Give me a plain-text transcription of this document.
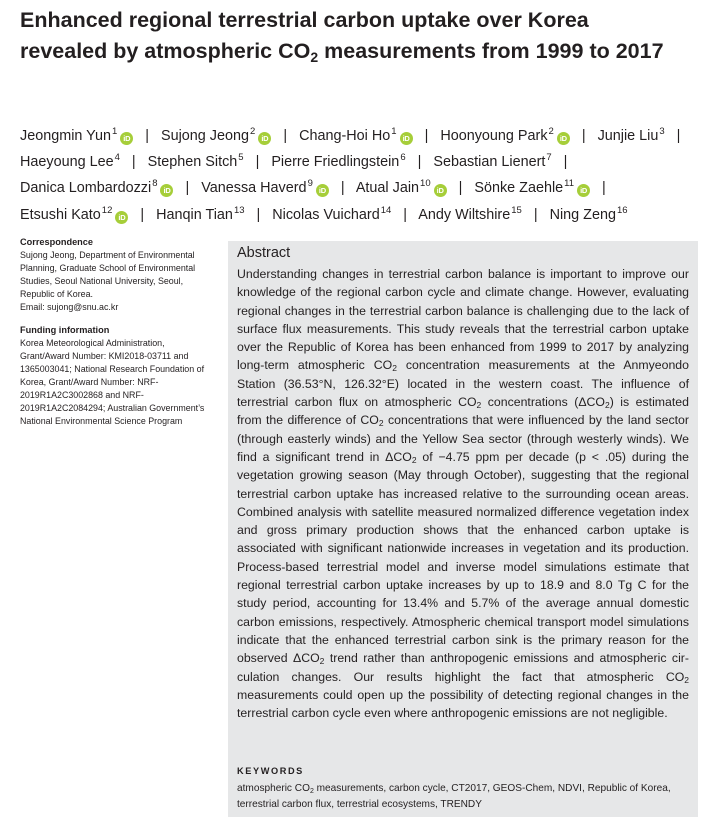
Enhanced regional terrestrial carbon uptake over Korea revealed by atmospheric $CO_2$ measurements from 1999 to 2017
Jeongmin Yun$^1$iD | Sujong Jeong$^2$iD | Chang-Hoi Ho$^1$iD | Hoonyoung Park$^2$iD | Junjie Liu$^3$ | Haeyoung Lee$^4$ | Stephen Sitch$^5$ | Pierre Friedlingstein$^6$ | Sebastian Lienert$^7$ | Danica Lombardozzi$^8$iD | Vanessa Haverd$^9$iD | Atual Jain$^{10}$iD | Sönke Zaehle$^{11}$iD | Etsushi Kato$^{12}$iD | Hanqin Tian$^{13}$ | Nicolas Vuichard$^{14}$ | Andy Wiltshire$^{15}$ | Ning Zeng$^{16}$

Correspondence

Sujong Jeong, Department of Environmental Planning, Graduate School of Environmental Studies, Seoul National University, Seoul, Republic of Korea.

Email: sujong@snu.ac.kr

Funding information

Korea Meteorological Administration, Grant/Award Number: KMI2018-03711 and 1365003041; National Research Foundation of Korea, Grant/Award Number: NRF-2019R1A2C3002868 and NRF-2019R1A2C2084294; Australian Government’s National Environmental Science Program

Abstract

Understanding changes in terrestrial carbon balance is important to improve our knowledge of the regional carbon cycle and climate change. However, evaluating regional changes in the terrestrial carbon balance is challenging due to the lack of surface flux measurements. This study reveals that the terrestrial carbon uptake over the Republic of Korea has been enhanced from 1999 to 2017 by analyzing long-term atmospheric $CO_2$ concentration measurements at the Anmyeondo Station (36.53°N, 126.32°E) located in the western coast. The influence of terrestrial carbon flux on atmospheric $CO_2$ concentrations $(\Delta CO_2)$ is estimated from the difference of $CO_2$ concentrations that were influenced by the land sector (through easterly winds) and the Yellow Sea sector (through westerly winds). We find a significant trend in $\Delta CO_2$ of −4.75 ppm per decade (p < .05) during the vegetation growing season (May through October), suggesting that the regional terrestrial carbon uptake has increased relative to the surrounding ocean areas. Combined analysis with satellite measured normalized difference vegetation index and gross primary production shows that the enhanced carbon uptake is associated with significant nationwide increases in vegetation and its production. Process-based terrestrial model and inverse model simulations estimate that regional terrestrial carbon uptake increases by up to 18.9 and 8.0 Tg C for the study period, accounting for 13.4% and 5.7% of the average annual domestic carbon emissions, respectively. Atmospheric chemical transport model simulations indicate that the enhanced terrestrial carbon sink is the primary reason for the observed $\Delta CO_2$ trend rather than anthropogenic emissions and atmospheric circulation changes. Our results highlight the fact that atmospheric $CO_2$ measurements could open up the possibility of detecting regional changes in the terrestrial carbon cycle even where anthropogenic emissions are not negligible.

KEYWORDS

atmospheric $CO_2$ measurements, carbon cycle, CT2017, GEOS-Chem, NDVI, Republic of Korea, terrestrial carbon flux, terrestrial ecosystems, TRENDY
